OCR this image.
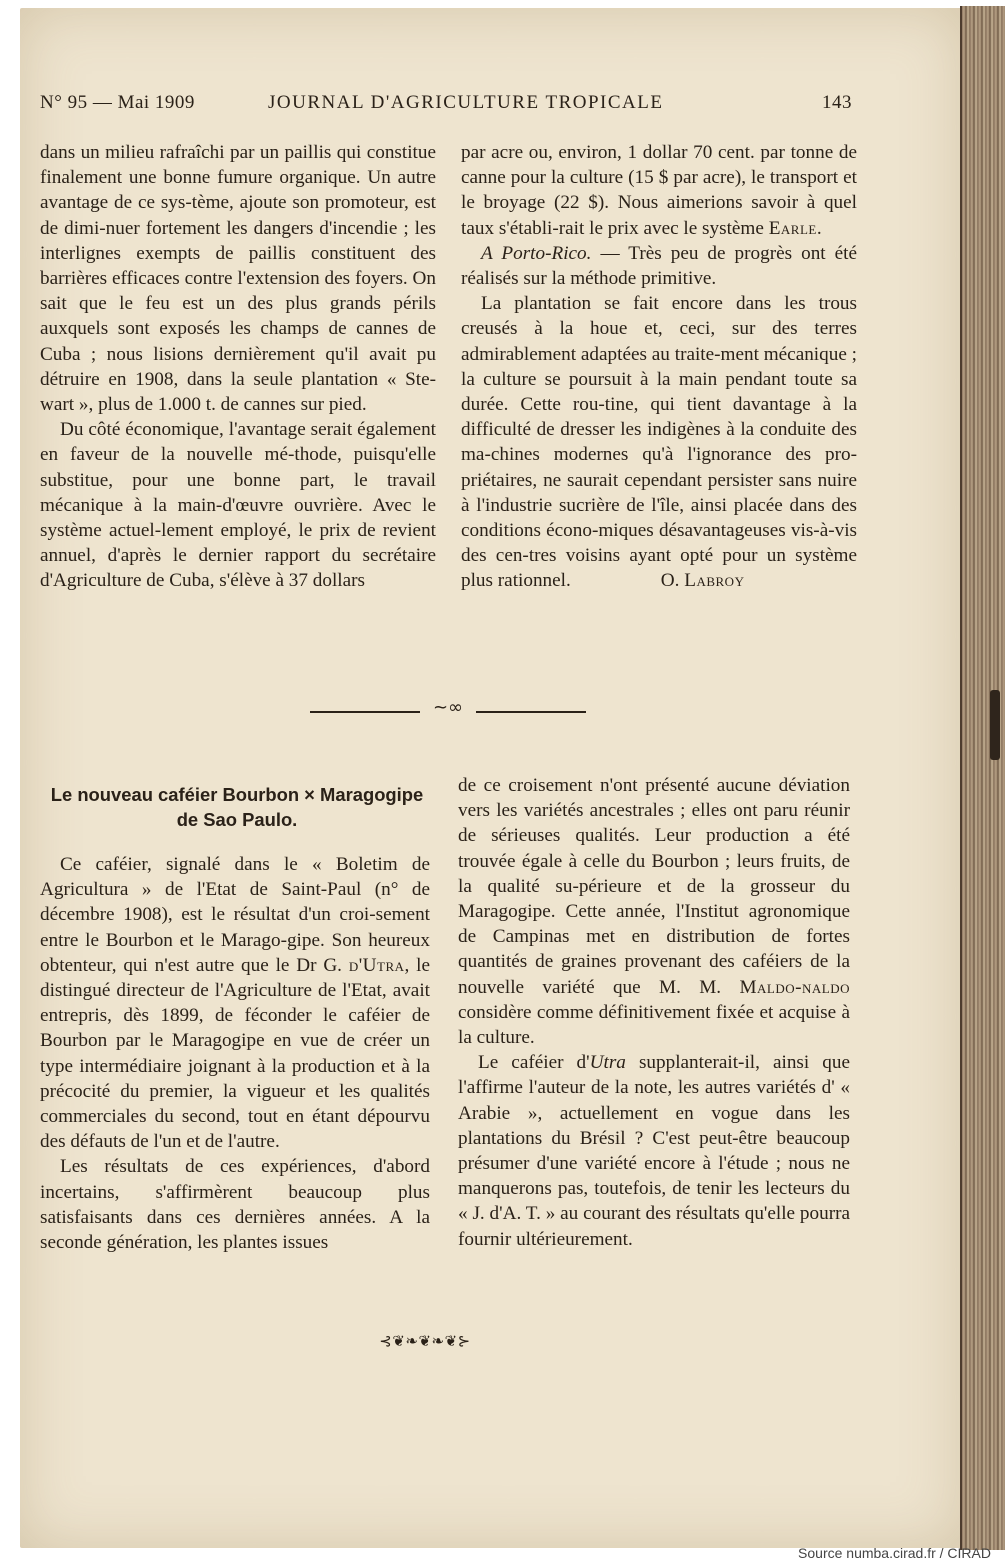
N° 95 — Mai 1909	JOURNAL D'AGRICULTURE TROPICALE	143

dans un milieu rafraîchi par un paillis qui constitue finalement une bonne fumure organique. Un autre avantage de ce sys-tème, ajoute son promoteur, est de dimi-nuer fortement les dangers d'incendie ; les interlignes exempts de paillis constituent des barrières efficaces contre l'extension des foyers. On sait que le feu est un des plus grands périls auxquels sont exposés les champs de cannes de Cuba ; nous lisions dernièrement qu'il avait pu détruire en 1908, dans la seule plantation « Ste-wart », plus de 1.000 t. de cannes sur pied.

Du côté économique, l'avantage serait également en faveur de la nouvelle mé-thode, puisqu'elle substitue, pour une bonne part, le travail mécanique à la main-d'œuvre ouvrière. Avec le système actuel-lement employé, le prix de revient annuel, d'après le dernier rapport du secrétaire d'Agriculture de Cuba, s'élève à 37 dollars

par acre ou, environ, 1 dollar 70 cent. par tonne de canne pour la culture (15 $ par acre), le transport et le broyage (22 $). Nous aimerions savoir à quel taux s'établi-rait le prix avec le système Earle.

A Porto-Rico. — Très peu de progrès ont été réalisés sur la méthode primitive.

La plantation se fait encore dans les trous creusés à la houe et, ceci, sur des terres admirablement adaptées au traite-ment mécanique ; la culture se poursuit à la main pendant toute sa durée. Cette rou-tine, qui tient davantage à la difficulté de dresser les indigènes à la conduite des ma-chines modernes qu'à l'ignorance des pro-priétaires, ne saurait cependant persister sans nuire à l'industrie sucrière de l'île, ainsi placée dans des conditions écono-miques désavantageuses vis-à-vis des cen-tres voisins ayant opté pour un système plus rationnel.	O. Labroy

~∞
Le nouveau caféier Bourbon × Maragogipe
de Sao Paulo.

Ce caféier, signalé dans le « Boletim de Agricultura » de l'Etat de Saint-Paul (n° de décembre 1908), est le résultat d'un croi-sement entre le Bourbon et le Marago-gipe. Son heureux obtenteur, qui n'est autre que le Dr G. d'Utra, le distingué directeur de l'Agriculture de l'Etat, avait entrepris, dès 1899, de féconder le caféier de Bourbon par le Maragogipe en vue de créer un type intermédiaire joignant à la production et à la précocité du premier, la vigueur et les qualités commerciales du second, tout en étant dépourvu des défauts de l'un et de l'autre.

Les résultats de ces expériences, d'abord incertains, s'affirmèrent beaucoup plus satisfaisants dans ces dernières années. A la seconde génération, les plantes issues

de ce croisement n'ont présenté aucune déviation vers les variétés ancestrales ; elles ont paru réunir de sérieuses qualités. Leur production a été trouvée égale à celle du Bourbon ; leurs fruits, de la qualité su-périeure et de la grosseur du Maragogipe. Cette année, l'Institut agronomique de Campinas met en distribution de fortes quantités de graines provenant des caféiers de la nouvelle variété que M. M. Maldo-naldo considère comme définitivement fixée et acquise à la culture.

Le caféier d'Utra supplanterait-il, ainsi que l'affirme l'auteur de la note, les autres variétés d' « Arabie », actuellement en vogue dans les plantations du Brésil ? C'est peut-être beaucoup présumer d'une variété encore à l'étude ; nous ne manquerons pas, toutefois, de tenir les lecteurs du « J. d'A. T. » au courant des résultats qu'elle pourra fournir ultérieurement.

⊰❦❧❦❧❦⊱
Source numba.cirad.fr / CIRAD
